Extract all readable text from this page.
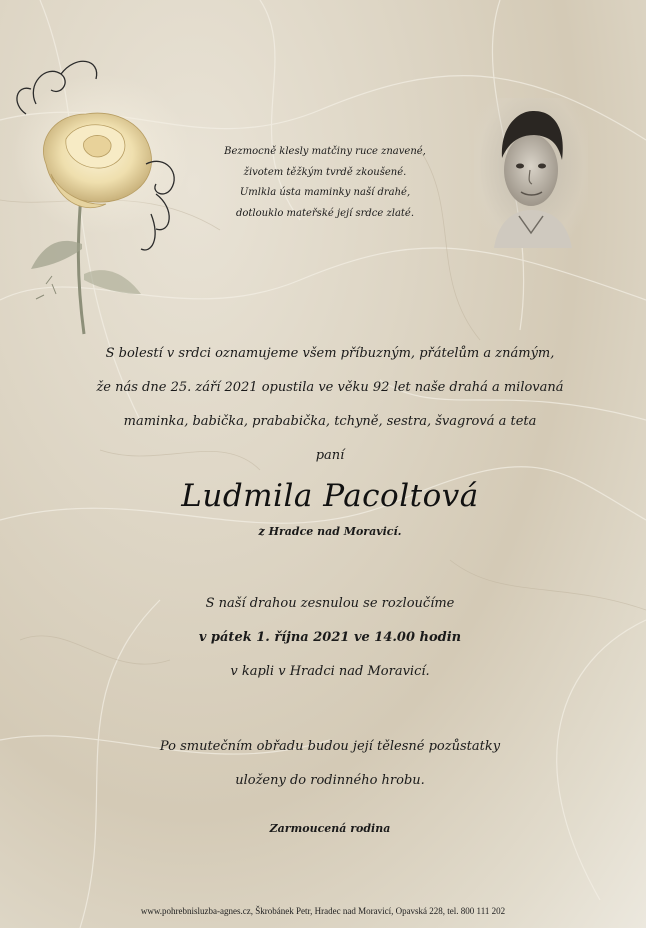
Bezmocně klesly matčiny ruce znavené,
životem těžkým tvrdě zkoušené.
Umlkla ústa maminky naší drahé,
dotlouklo mateřské její srdce zlaté.
S bolestí v srdci oznamujeme všem příbuzným, přátelům a známým,
že nás dne 25. září 2021 opustila ve věku 92 let naše drahá a milovaná
maminka, babička, prababička, tchyně, sestra, švagrová a teta
paní
Ludmila Pacoltová
z Hradce nad Moravicí.
S naší drahou zesnulou se rozloučíme
v pátek 1. října 2021 ve 14.00 hodin
v kapli v Hradci nad Moravicí.
Po smutečním obřadu budou její tělesné pozůstatky
uloženy do rodinného hrobu.
Zarmoucená rodina
www.pohrebnisluzba-agnes.cz, Škrobánek Petr, Hradec nad Moravicí, Opavská 228, tel. 800 111 202
